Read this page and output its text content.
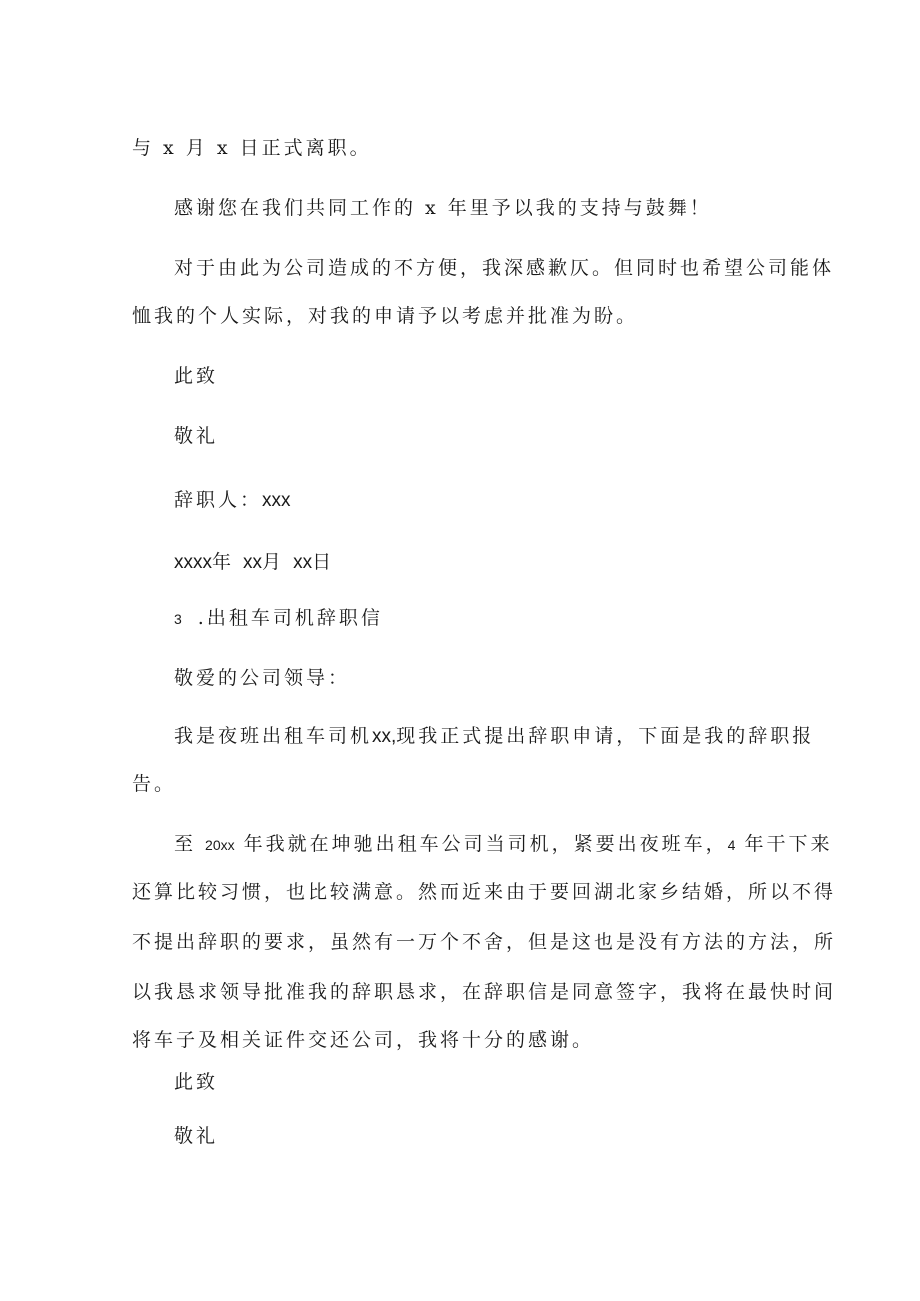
与 x 月 x 日正式离职。
感谢您在我们共同工作的 x 年里予以我的支持与鼓舞！
对于由此为公司造成的不方便，我深感歉仄。但同时也希望公司能体
恤我的个人实际，对我的申请予以考虑并批准为盼。
此致
敬礼
辞职人：xxx
xxxx年 xx月 xx日
3 .出租车司机辞职信
敬爱的公司领导：
我是夜班出租车司机xx,现我正式提出辞职申请，下面是我的辞职报
告。
至 20xx 年我就在坤驰出租车公司当司机，紧要出夜班车，4 年干下来
还算比较习惯，也比较满意。然而近来由于要回湖北家乡结婚，所以不得
不提出辞职的要求，虽然有一万个不舍，但是这也是没有方法的方法，所
以我恳求领导批准我的辞职恳求，在辞职信是同意签字，我将在最快时间
将车子及相关证件交还公司，我将十分的感谢。
此致
敬礼
